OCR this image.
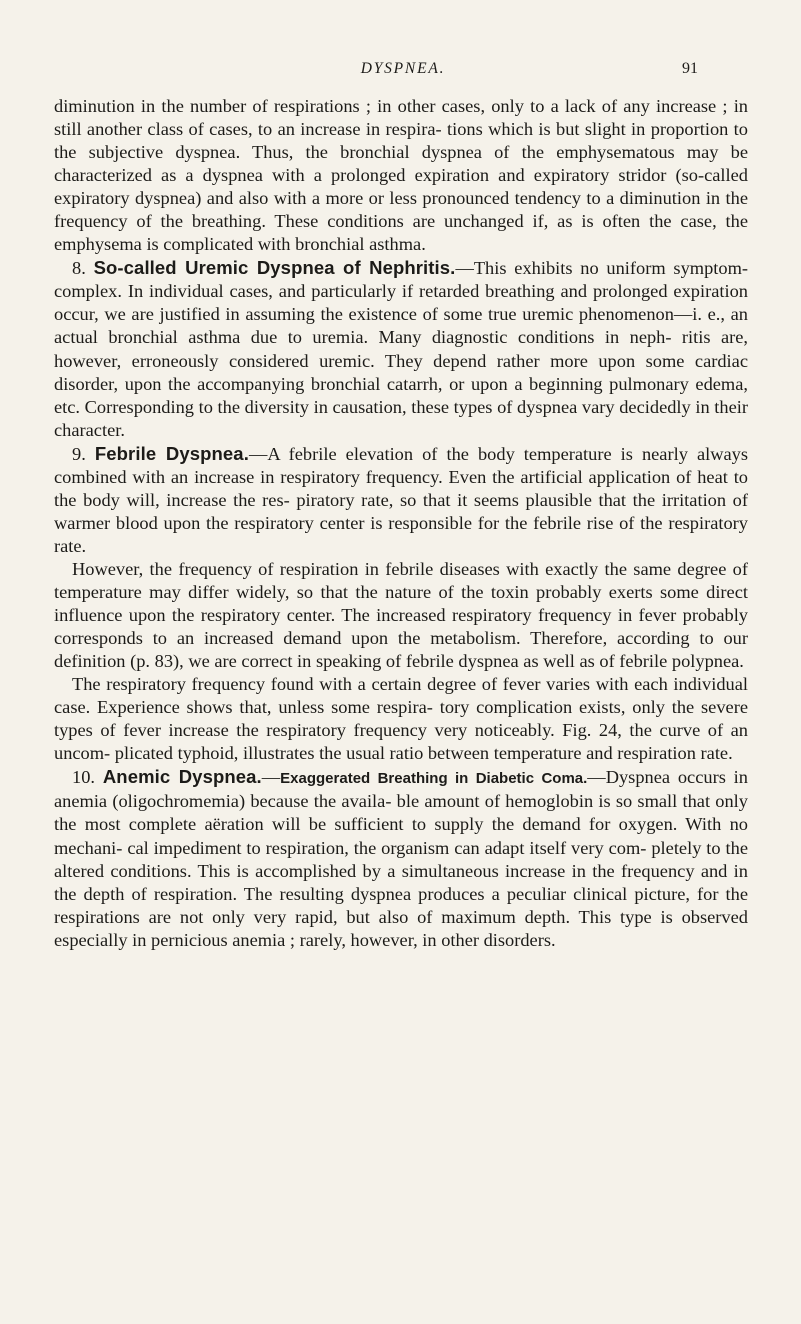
DYSPNEA.	91

diminution in the number of respirations ; in other cases, only to a lack of any increase ; in still another class of cases, to an increase in respira- tions which is but slight in proportion to the subjective dyspnea. Thus, the bronchial dyspnea of the emphysematous may be characterized as a dyspnea with a prolonged expiration and expiratory stridor (so-called expiratory dyspnea) and also with a more or less pronounced tendency to a diminution in the frequency of the breathing. These conditions are unchanged if, as is often the case, the emphysema is complicated with bronchial asthma.

8. So-called Uremic Dyspnea of Nephritis.—This exhibits no uniform symptom-complex. In individual cases, and particularly if retarded breathing and prolonged expiration occur, we are justified in assuming the existence of some true uremic phenomenon—i. e., an actual bronchial asthma due to uremia. Many diagnostic conditions in neph- ritis are, however, erroneously considered uremic. They depend rather more upon some cardiac disorder, upon the accompanying bronchial catarrh, or upon a beginning pulmonary edema, etc. Corresponding to the diversity in causation, these types of dyspnea vary decidedly in their character.

9. Febrile Dyspnea.—A febrile elevation of the body temperature is nearly always combined with an increase in respiratory frequency. Even the artificial application of heat to the body will, increase the res- piratory rate, so that it seems plausible that the irritation of warmer blood upon the respiratory center is responsible for the febrile rise of the respiratory rate.

However, the frequency of respiration in febrile diseases with exactly the same degree of temperature may differ widely, so that the nature of the toxin probably exerts some direct influence upon the respiratory center. The increased respiratory frequency in fever probably corresponds to an increased demand upon the metabolism. Therefore, according to our definition (p. 83), we are correct in speaking of febrile dyspnea as well as of febrile polypnea.

The respiratory frequency found with a certain degree of fever varies with each individual case. Experience shows that, unless some respira- tory complication exists, only the severe types of fever increase the respiratory frequency very noticeably. Fig. 24, the curve of an uncom- plicated typhoid, illustrates the usual ratio between temperature and respiration rate.

10. Anemic Dyspnea.—Exaggerated Breathing in Diabetic Coma.—Dyspnea occurs in anemia (oligochromemia) because the availa- ble amount of hemoglobin is so small that only the most complete aëration will be sufficient to supply the demand for oxygen. With no mechani- cal impediment to respiration, the organism can adapt itself very com- pletely to the altered conditions. This is accomplished by a simultaneous increase in the frequency and in the depth of respiration. The resulting dyspnea produces a peculiar clinical picture, for the respirations are not only very rapid, but also of maximum depth. This type is observed especially in pernicious anemia ; rarely, however, in other disorders.
